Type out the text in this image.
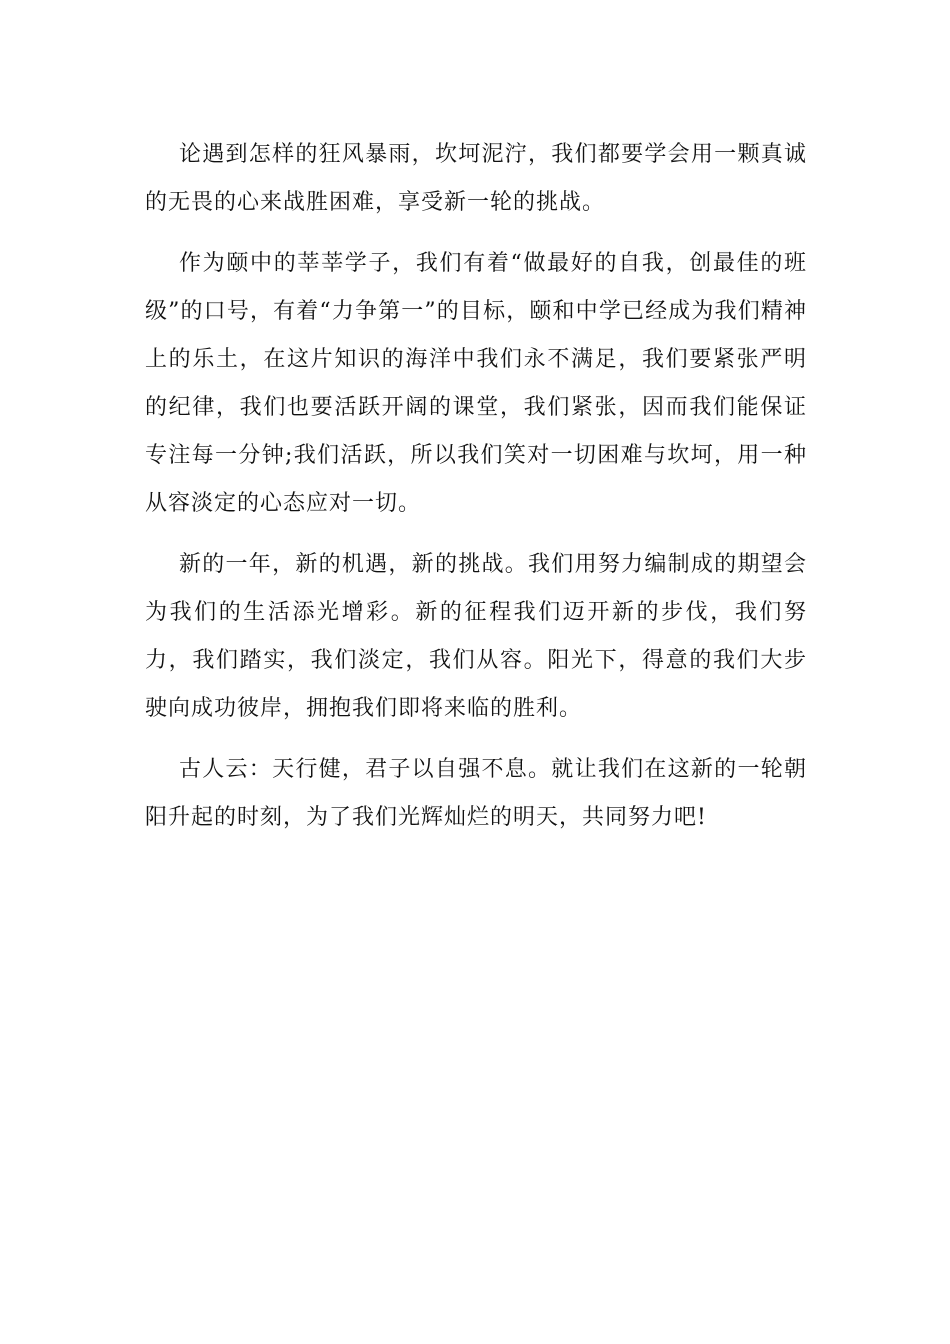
论遇到怎样的狂风暴雨，坎坷泥泞，我们都要学会用一颗真诚的无畏的心来战胜困难，享受新一轮的挑战。

作为颐中的莘莘学子，我们有着“做最好的自我，创最佳的班级”的口号，有着“力争第一”的目标，颐和中学已经成为我们精神上的乐土，在这片知识的海洋中我们永不满足，我们要紧张严明的纪律，我们也要活跃开阔的课堂，我们紧张，因而我们能保证专注每一分钟;我们活跃，所以我们笑对一切困难与坎坷，用一种从容淡定的心态应对一切。

新的一年，新的机遇，新的挑战。我们用努力编制成的期望会为我们的生活添光增彩。新的征程我们迈开新的步伐，我们努力，我们踏实，我们淡定，我们从容。阳光下，得意的我们大步驶向成功彼岸，拥抱我们即将来临的胜利。

古人云：天行健，君子以自强不息。就让我们在这新的一轮朝阳升起的时刻，为了我们光辉灿烂的明天，共同努力吧!
